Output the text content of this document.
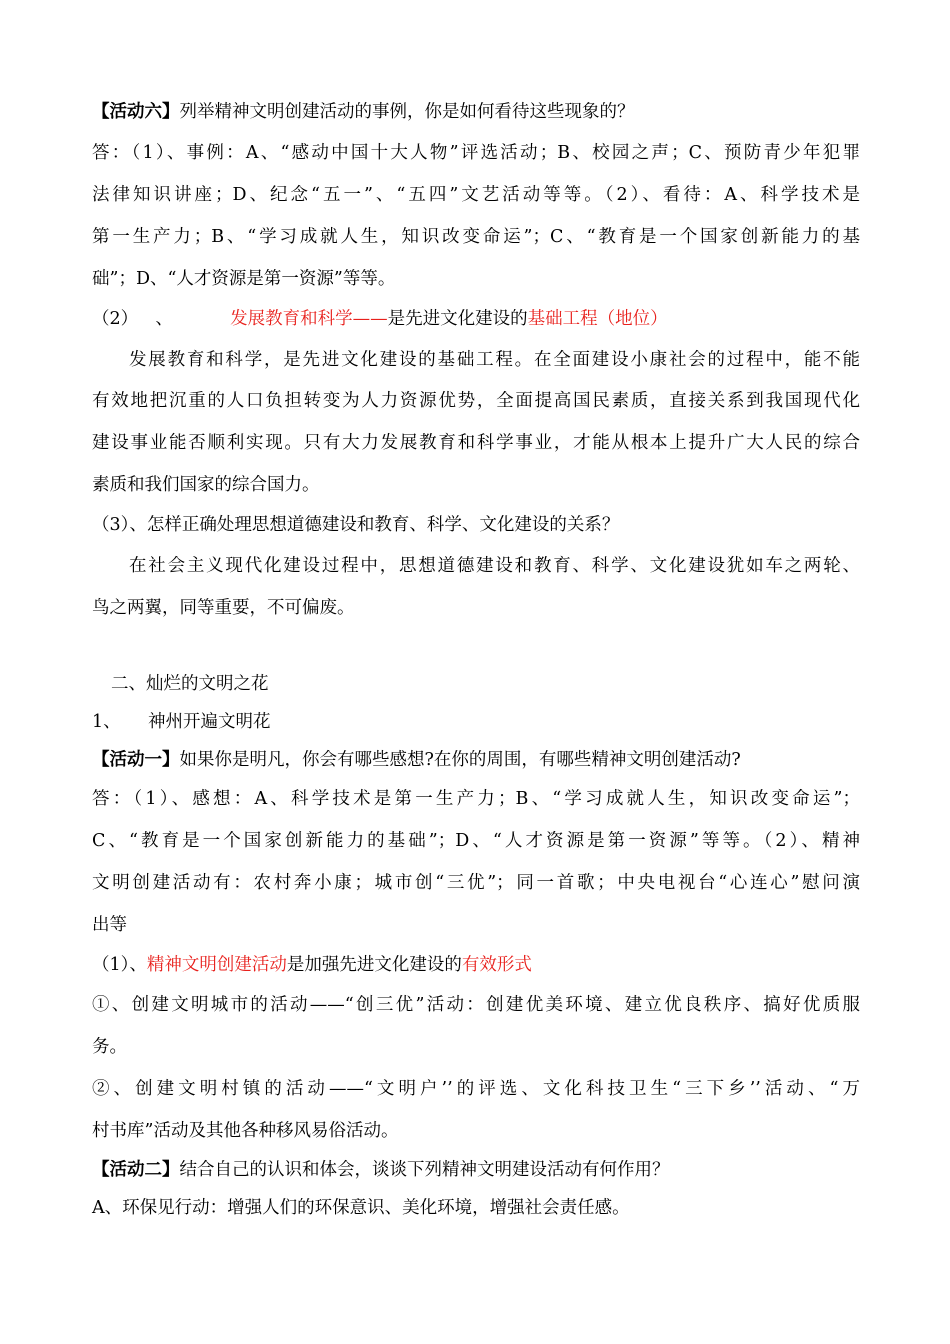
【活动六】列举精神文明创建活动的事例，你是如何看待这些现象的？
答：（1）、事例：A、“感动中国十大人物”评选活动；B、校园之声；C、预防青少年犯罪
法律知识讲座；D、纪念“五一”、“五四”文艺活动等等。（2）、看待：A、科学技术是
第一生产力；B、“学习成就人生，知识改变命运”；C、“教育是一个国家创新能力的基
础”；D、“人才资源是第一资源”等等。
（2） 、	发展教育和科学——是先进文化建设的基础工程（地位）
发展教育和科学，是先进文化建设的基础工程。在全面建设小康社会的过程中，能不能
有效地把沉重的人口负担转变为人力资源优势，全面提高国民素质，直接关系到我国现代化
建设事业能否顺利实现。只有大力发展教育和科学事业，才能从根本上提升广大人民的综合
素质和我们国家的综合国力。
（3）、怎样正确处理思想道德建设和教育、科学、文化建设的关系？
在社会主义现代化建设过程中，思想道德建设和教育、科学、文化建设犹如车之两轮、
鸟之两翼，同等重要，不可偏废。
二、灿烂的文明之花
1、 神州开遍文明花
【活动一】如果你是明凡，你会有哪些感想?在你的周围，有哪些精神文明创建活动?
答：（1）、感想：A、科学技术是第一生产力；B、“学习成就人生，知识改变命运”；
C、“教育是一个国家创新能力的基础”；D、“人才资源是第一资源”等等。（2）、精神
文明创建活动有：农村奔小康；城市创“三优”；同一首歌；中央电视台“心连心”慰问演
出等
（1）、精神文明创建活动是加强先进文化建设的有效形式
①、创建文明城市的活动——“创三优”活动：创建优美环境、建立优良秩序、搞好优质服
务。
②、创建文明村镇的活动——“文明户’’的评选、文化科技卫生“三下乡’’活动、“万
村书库”活动及其他各种移风易俗活动。
【活动二】结合自己的认识和体会，谈谈下列精神文明建设活动有何作用？
A、环保见行动：增强人们的环保意识、美化环境，增强社会责任感。
